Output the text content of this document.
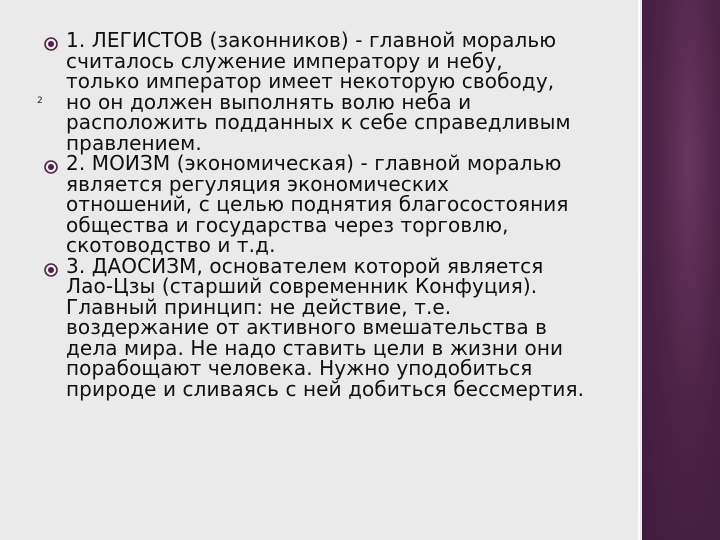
2
1. ЛЕГИСТОВ (законников) - главной моралью
считалось служение императору и небу,
только император имеет некоторую свободу,
но он должен выполнять волю неба и
расположить подданных к себе справедливым
правлением.
2. МОИЗМ (экономическая) - главной моралью
является регуляция экономических
отношений, с целью поднятия благосостояния
общества и государства через торговлю,
скотоводство и т.д.
3. ДАОСИЗМ, основателем которой является
Лао-Цзы (старший современник Конфуция).
Главный принцип: не действие, т.е.
воздержание от активного вмешательства в
дела мира. Не надо ставить цели в жизни они
порабощают человека. Нужно уподобиться
природе и сливаясь с ней добиться бессмертия.
